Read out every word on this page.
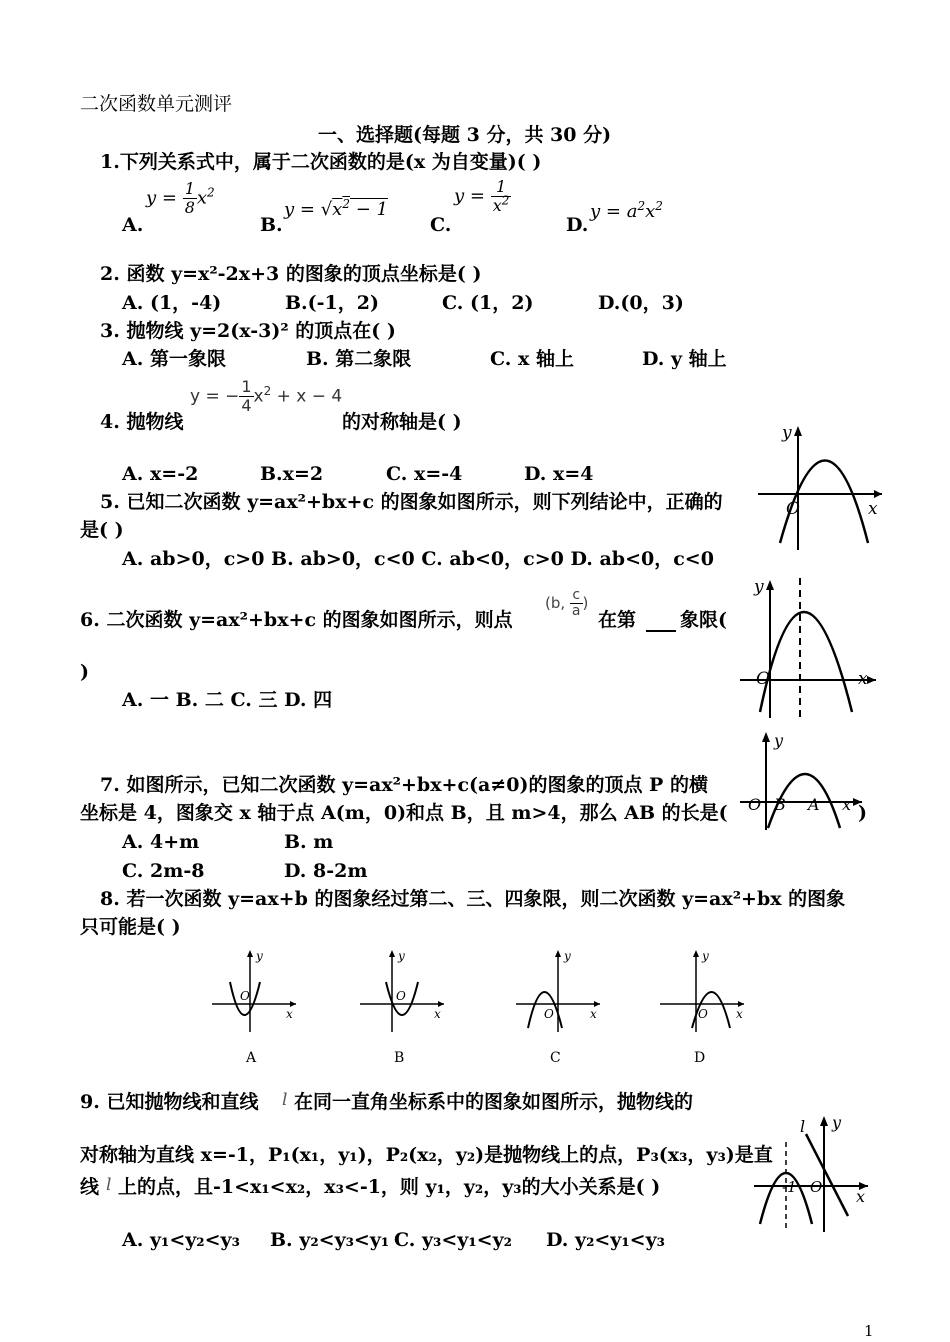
二次函数单元测评
一、选择题(每题 3 分，共 30 分)
1.下列关系式中，属于二次函数的是(x 为自变量)( )
A.
$y = \frac{1}{8} x^2$
B.
$y = √x^2 - 1$
C.
$y = \frac{1}{x^2}$
D.
$y = a^2x^2$
2. 函数 y=x²-2x+3 的图象的顶点坐标是( )
A. (1，-4)	B.(-1，2)	C. (1，2)	D.(0，3)
3. 抛物线 y=2(x-3)² 的顶点在( )
A. 第一象限	B. 第二象限	C. x 轴上	D. y 轴上
4. 抛物线
y = − $\frac{1}{4} x^2 + x - 4$
的对称轴是( )
A. x=-2	B.x=2	C. x=-4	D. x=4
y
O	x
5. 已知二次函数 y=ax²+bx+c 的图象如图所示，则下列结论中，正确的
是( )
A. ab>0，c>0 B. ab>0，c<0 C. ab<0，c>0 D. ab<0，c<0
y
O	x
6. 二次函数 y=ax²+bx+c 的图象如图所示，则点
(b, $\frac{c}{a}$ )
在第 象限(
)
A. 一 B. 二 C. 三 D. 四
y
O B A x
7. 如图所示，已知二次函数 y=ax²+bx+c(a≠0)的图象的顶点 P 的横
坐标是 4，图象交 x 轴于点 A(m，0)和点 B，且 m>4，那么 AB 的长是(	)
A. 4+m	B. m
C. 2m-8	D. 8-2m
8. 若一次函数 y=ax+b 的图象经过第二、三、四象限，则二次函数 y=ax²+bx 的图象
只可能是( )
y
O
x
A
y
O
x
B
y
O	x
C
y
O x
D
9. 已知抛物线和直线 l 在同一直角坐标系中的图象如图所示，抛物线的
对称轴为直线 x=-1，P₁(x₁，y₁)，P₂(x₂，y₂)是抛物线上的点，P₃(x₃，y₃)是直
线 l 上的点，且-1<x₁<x₂，x₃<-1，则 y₁，y₂，y₃的大小关系是( )
A. y₁<y₂<y₃ B. y₂<y₃<y₁ C. y₃<y₁<y₂ D. y₂<y₁<y₃
y
l
-1 O x
1
